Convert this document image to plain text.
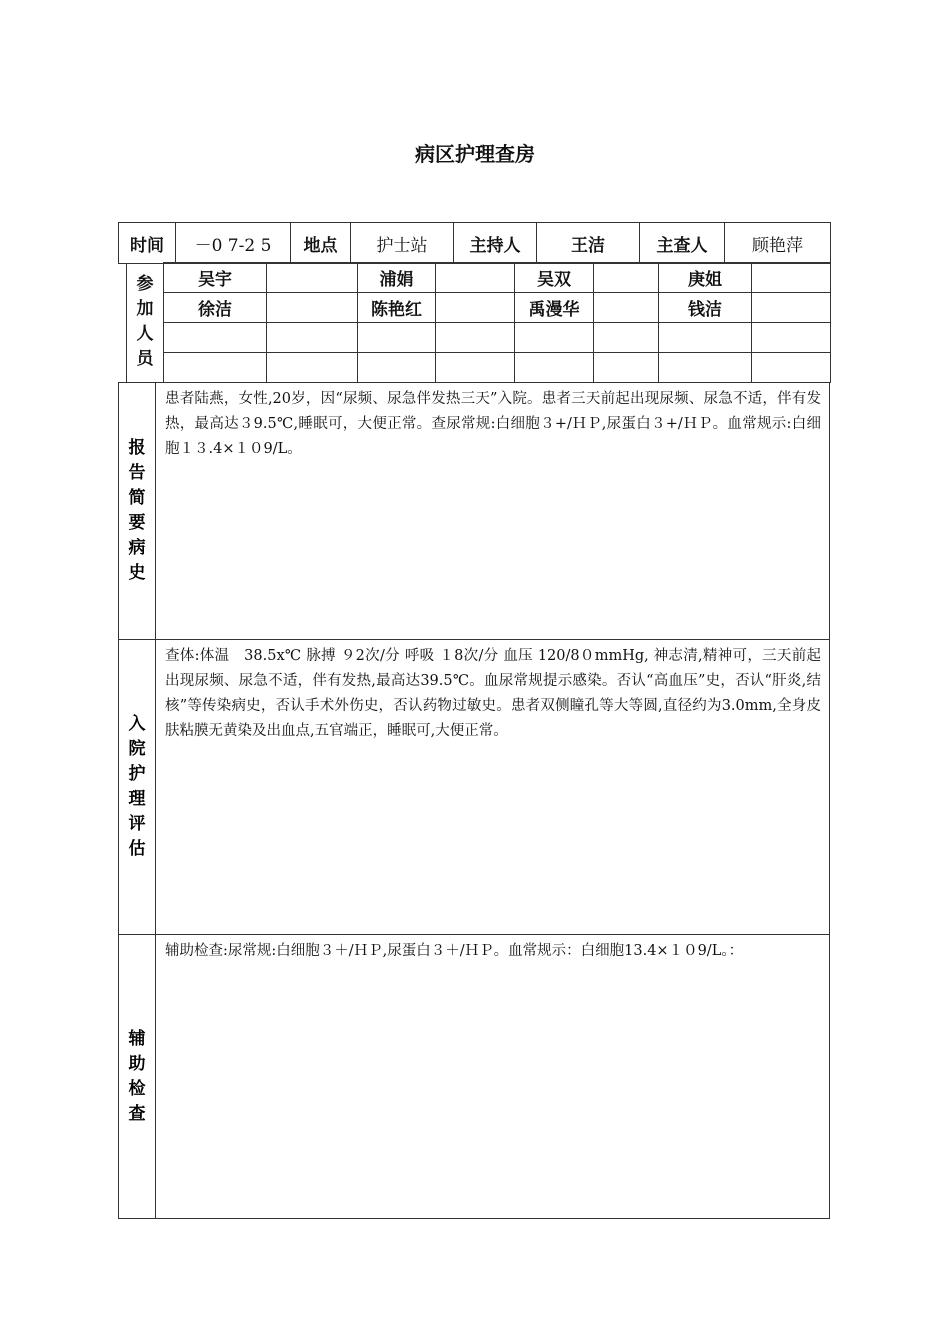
病区护理查房
时间	－0 7-2 5	地点	护士站	主持人	王洁	主查人	顾艳萍
参加人员	吴宇		浦娟		吴双		庚姐	
	徐洁		陈艳红		禹漫华		钱洁	

报告简要病史
患者陆燕，女性,20岁，因“尿频、尿急伴发热三天”入院。患者三天前起出现尿频、尿急不适，伴有发热，最高达３9.5℃,睡眠可，大便正常。查尿常规:白细胞３+/ＨＰ,尿蛋白３+/ＨＰ。血常规示:白细胞１３.4×１０9/L。
入院护理评估
查体:体温　38.5x℃ 脉搏 ９2次/分 呼吸 １8次/分 血压 120/8０mmHg, 神志清,精神可，三天前起出现尿频、尿急不适，伴有发热,最高达39.5℃。血尿常规提示感染。否认“高血压”史，否认“肝炎,结核”等传染病史，否认手术外伤史，否认药物过敏史。患者双侧瞳孔等大等圆,直径约为3.0mm,全身皮肤粘膜无黄染及出血点,五官端正，睡眠可,大便正常。
辅助检查
辅助检查:尿常规:白细胞３＋/ＨＰ,尿蛋白３＋/ＨＰ。血常规示：白细胞13.4×１０9/L。：
